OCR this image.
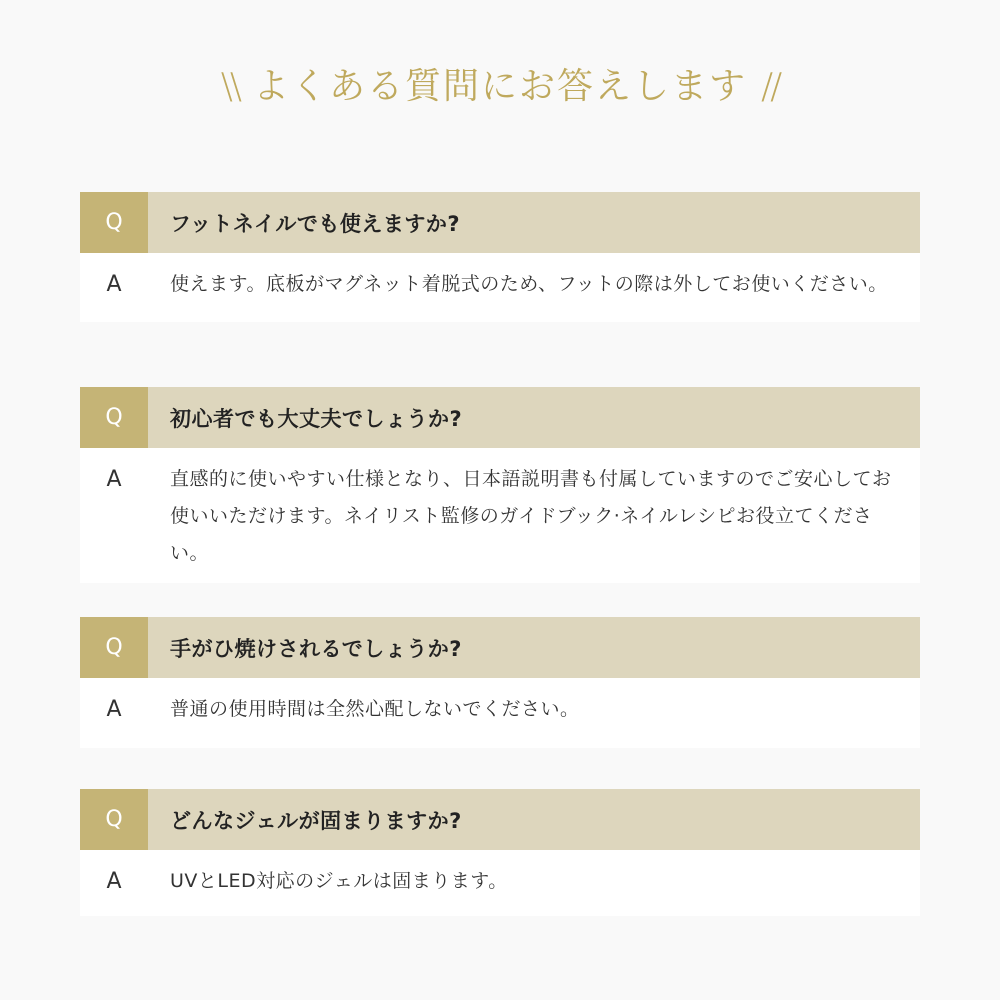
\\ よくある質問にお答えします //
Q	フットネイルでも使えますか?
A	使えます。底板がマグネット着脱式のため、フットの際は外してお使いください。
Q	初心者でも大丈夫でしょうか?
A	直感的に使いやすい仕様となり、日本語説明書も付属していますのでご安心してお使いいただけます。ネイリスト監修のガイドブック·ネイルレシピお役立てください。
Q	手がひ焼けされるでしょうか?
A	普通の使用時間は全然心配しないでください。
Q	どんなジェルが固まりますか?
A	UVとLED対応のジェルは固まります。
